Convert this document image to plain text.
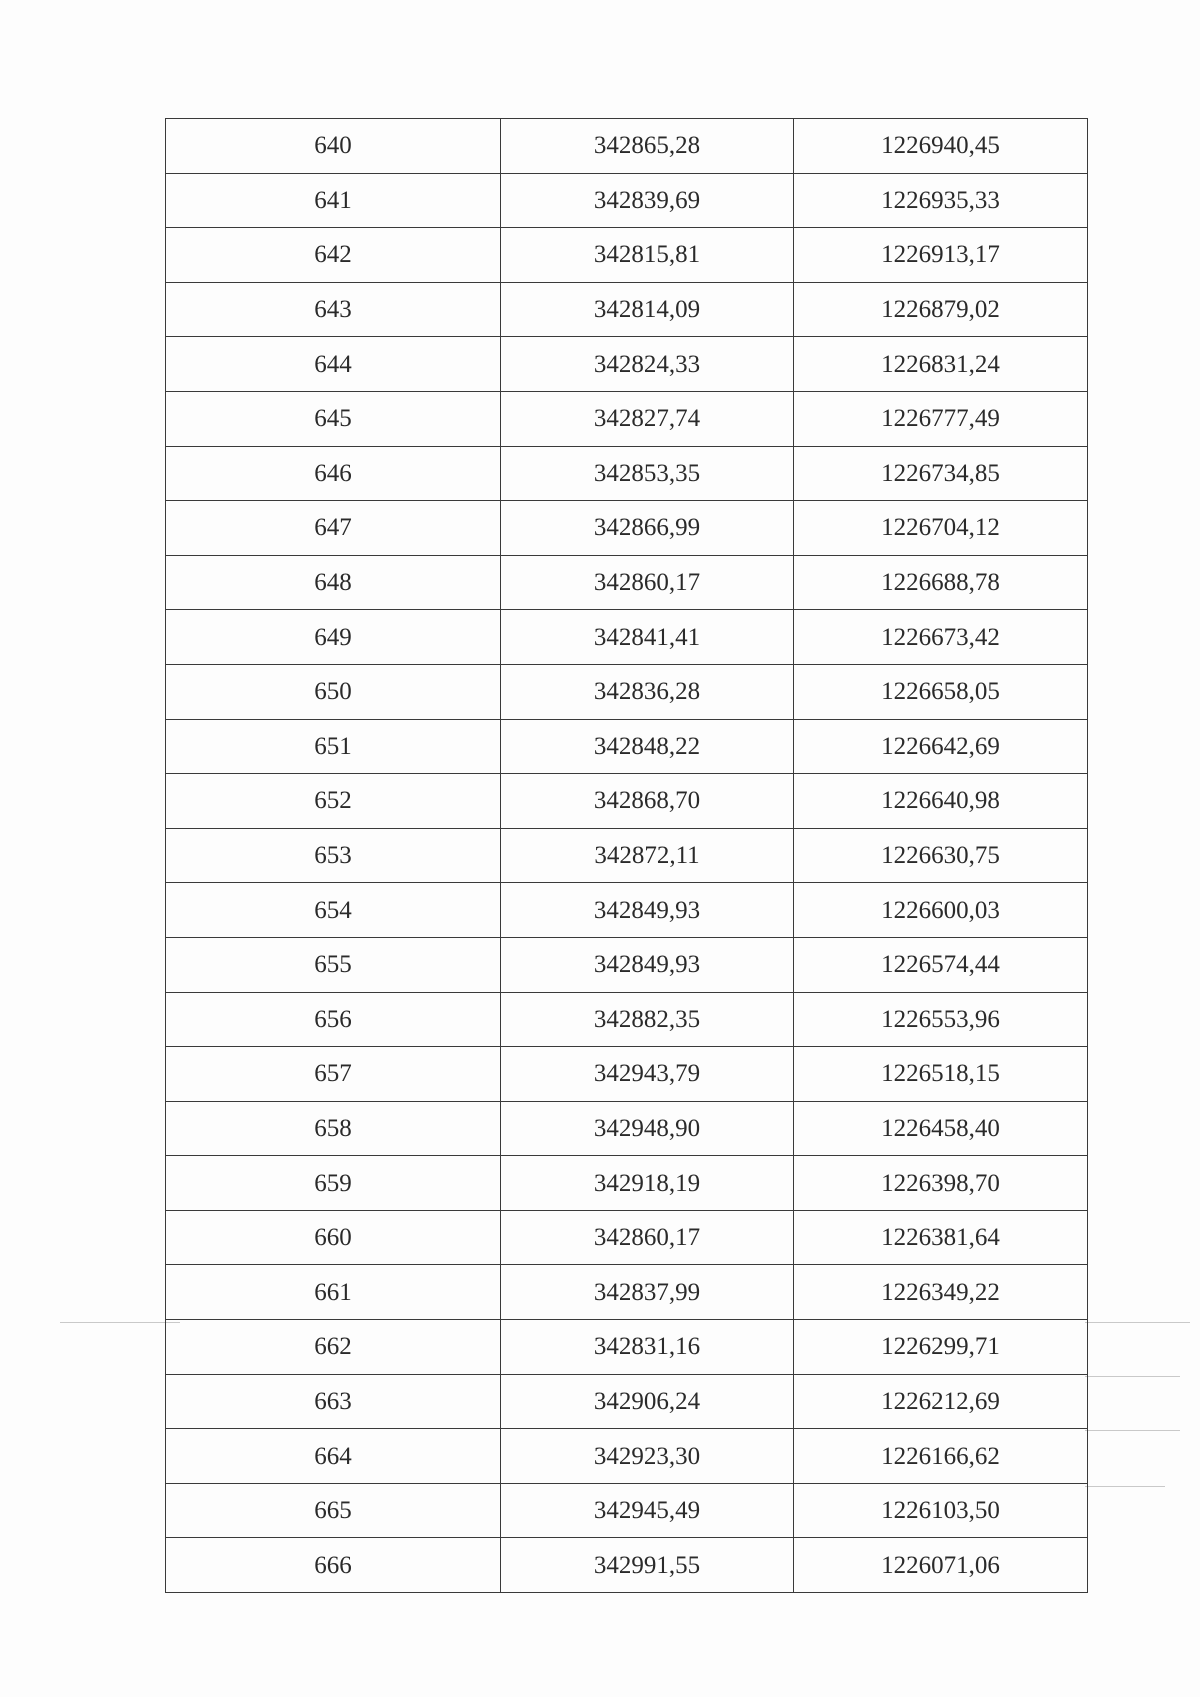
640	342865,28	1226940,45
641	342839,69	1226935,33
642	342815,81	1226913,17
643	342814,09	1226879,02
644	342824,33	1226831,24
645	342827,74	1226777,49
646	342853,35	1226734,85
647	342866,99	1226704,12
648	342860,17	1226688,78
649	342841,41	1226673,42
650	342836,28	1226658,05
651	342848,22	1226642,69
652	342868,70	1226640,98
653	342872,11	1226630,75
654	342849,93	1226600,03
655	342849,93	1226574,44
656	342882,35	1226553,96
657	342943,79	1226518,15
658	342948,90	1226458,40
659	342918,19	1226398,70
660	342860,17	1226381,64
661	342837,99	1226349,22
662	342831,16	1226299,71
663	342906,24	1226212,69
664	342923,30	1226166,62
665	342945,49	1226103,50
666	342991,55	1226071,06
